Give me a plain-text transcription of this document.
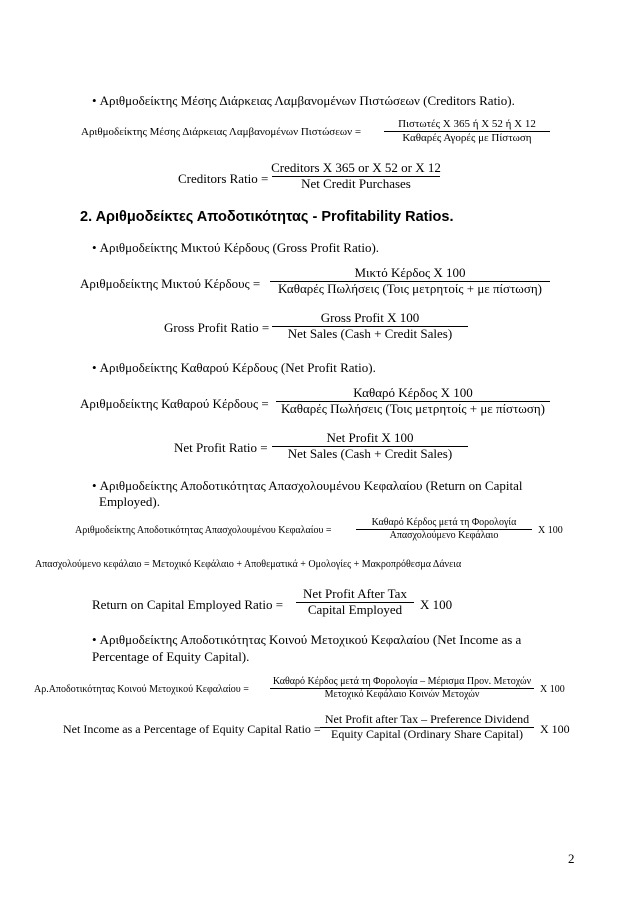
• Αριθμοδείκτης Μέσης Διάρκειας Λαμβανομένων Πιστώσεων (Creditors Ratio).
Αριθμοδείκτης Μέσης Διάρκειας Λαμβανομένων Πιστώσεων =
Πιστωτές Χ 365 ή Χ 52 ή Χ 12
Καθαρές Αγορές με Πίστωση
Creditors Ratio =
Creditors X 365 or X 52 or X 12
Net Credit Purchases
2. Αριθμοδείκτες Αποδοτικότητας - Profitability Ratios.
• Αριθμοδείκτης Μικτού Κέρδους (Gross Profit Ratio).
Αριθμοδείκτης Μικτού Κέρδους =
Μικτό Κέρδος Χ 100
Καθαρές Πωλήσεις (Τοις μετρητοίς + με πίστωση)
Gross Profit Ratio =
Gross Profit X 100
Net Sales (Cash + Credit Sales)
• Αριθμοδείκτης Καθαρού Κέρδους (Net Profit Ratio).
Αριθμοδείκτης Καθαρού Κέρδους =
Καθαρό Κέρδος Χ 100
Καθαρές Πωλήσεις (Τοις μετρητοίς + με πίστωση)
Net Profit Ratio =
Net Profit X 100
Net Sales (Cash + Credit Sales)
• Αριθμοδείκτης Αποδοτικότητας Απασχολουμένου Κεφαλαίου (Return on Capital
Employed).
Αριθμοδείκτης Αποδοτικότητας Απασχολουμένου Κεφαλαίου =
Καθαρό Κέρδος μετά τη Φορολογία
Απασχολούμενο Κεφάλαιο	Χ 100
Απασχολούμενο κεφάλαιο = Μετοχικό Κεφάλαιο + Αποθεματικά + Ομολογίες + Μακροπρόθεσμα Δάνεια
Return on Capital Employed Ratio =
Net Profit After Tax
Capital Employed X 100
• Αριθμοδείκτης Αποδοτικότητας Κοινού Μετοχικού Κεφαλαίου (Net Income as a
Percentage of Equity Capital).
Αρ.Αποδοτικότητας Κοινού Μετοχικού Κεφαλαίου =
Καθαρό Κέρδος μετά τη Φορολογία – Μέρισμα Προν. Μετοχών
Μετοχικό Κεφάλαιο Κοινών Μετοχών	Χ 100
Net Income as a Percentage of Equity Capital Ratio =
Net Profit after Tax – Preference Dividend
Equity Capital (Ordinary Share Capital) X 100
2
